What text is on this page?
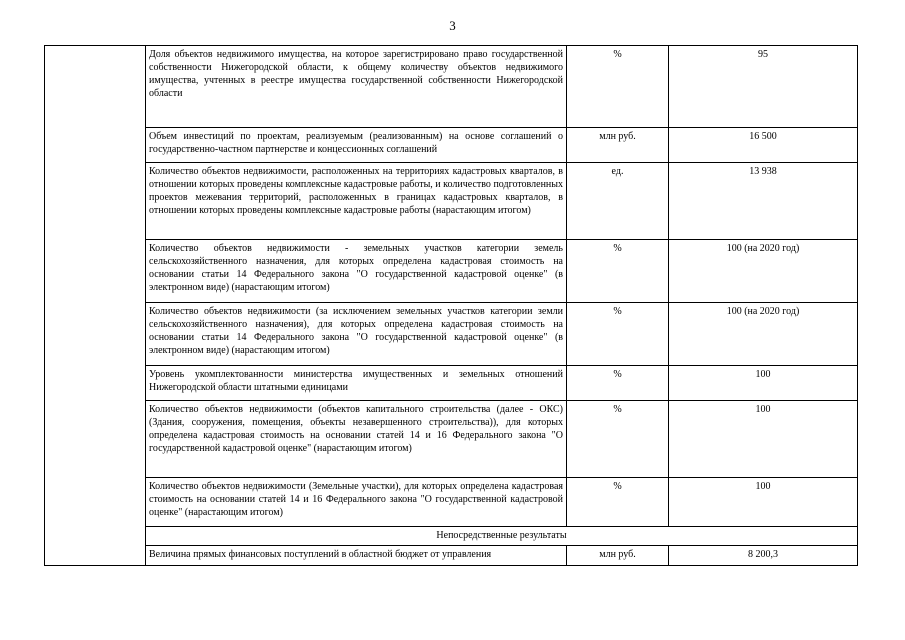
3
	Доля объектов недвижимого имущества, на которое зарегистрировано право государственной собственности Нижегородской области, к общему количеству объектов недвижимого имущества, учтенных в реестре имущества государственной собственности Нижегородской области	%	95
	Объем инвестиций по проектам, реализуемым (реализованным) на основе соглашений о государственно-частном партнерстве и концессионных соглашений	млн руб.	16 500
	Количество объектов недвижимости, расположенных на территориях кадастровых кварталов, в отношении которых проведены комплексные кадастровые работы, и количество подготовленных проектов межевания территорий, расположенных в границах кадастровых кварталов, в отношении которых проведены комплексные кадастровые работы (нарастающим итогом)	ед.	13 938
	Количество объектов недвижимости - земельных участков категории земель сельскохозяйственного назначения, для которых определена кадастровая стоимость на основании статьи 14 Федерального закона "О государственной кадастровой оценке" (в электронном виде) (нарастающим итогом)	%	100 (на 2020 год)
	Количество объектов недвижимости (за исключением земельных участков категории земли сельскохозяйственного назначения), для которых определена кадастровая стоимость на основании статьи 14 Федерального закона "О государственной кадастровой оценке" (в электронном виде) (нарастающим итогом)	%	100 (на 2020 год)
	Уровень укомплектованности министерства имущественных и земельных отношений Нижегородской области штатными единицами	%	100
	Количество объектов недвижимости (объектов капитального строительства (далее - ОКС) (Здания, сооружения, помещения, объекты незавершенного строительства)), для которых определена кадастровая стоимость на основании статей 14 и 16 Федерального закона "О государственной кадастровой оценке" (нарастающим итогом)	%	100
	Количество объектов недвижимости (Земельные участки), для которых определена кадастровая стоимость на основании статей 14 и 16 Федерального закона "О государственной кадастровой оценке" (нарастающим итогом)	%	100
	Непосредственные результаты		
	Величина прямых финансовых поступлений в областной бюджет от управления	млн руб.	8 200,3
